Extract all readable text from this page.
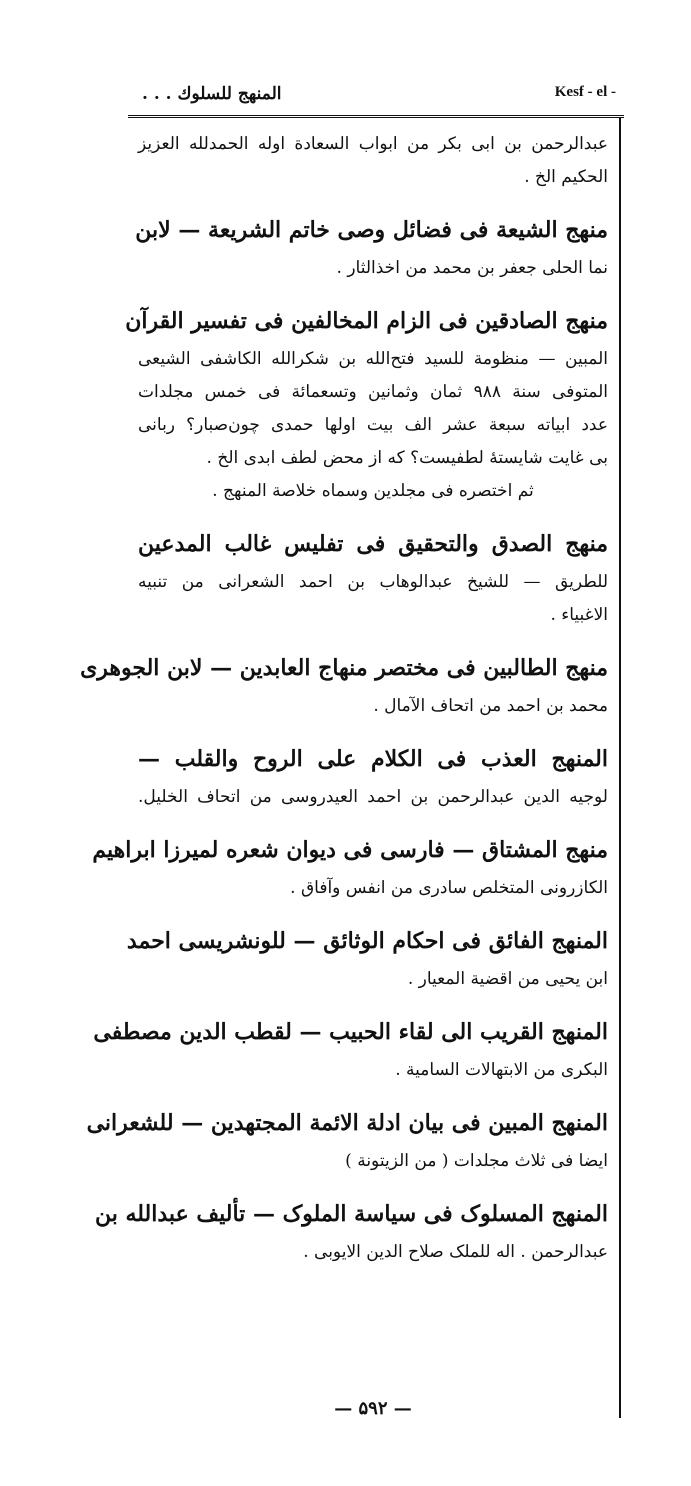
المنهج للسلوك . . .	Kesf - el -
عبدالرحمن بن ابی بکر من ابواب السعادة اوله الحمدلله العزیز
الحکیم الخ .
منهج الشیعة فی فضائل وصی خاتم الشریعة — لابن
نما الحلی جعفر بن محمد من اخذالثار .
منهج الصادقین فی الزام المخالفین فی تفسیر القرآن
المبین — منظومة للسید فتح‌الله بن شکرالله الکاشفی الشیعی
المتوفی سنة ۹۸۸ ثمان وثمانین وتسعمائة فی خمس مجلدات
عدد ابیاته سبعة عشر الف بیت اولها حمدی چون‌صبار؟ ربانی
بی غایت شایستهٔ لطفیست؟ که از محض لطف ابدی الخ .
ثم اختصره فی مجلدین وسماه خلاصة المنهج .
منهج الصدق والتحقیق فی تفلیس غالب المدعین
للطریق — للشیخ عبدالوهاب بن احمد الشعرانی من تنبیه
الاغبیاء .
منهج الطالبین فی مختصر منهاج العابدین — لابن الجوهری
محمد بن احمد من اتحاف الآمال .
المنهج العذب فی الکلام علی الروح والقلب —
لوجیه الدین عبدالرحمن بن احمد العیدروسی من اتحاف الخلیل.
منهج المشتاق — فارسی فی دیوان شعره لمیرزا ابراهیم
الکازرونی المتخلص سادری من انفس وآفاق .
المنهج الفائق فی احکام الوثائق — للونشریسی احمد
ابن یحیی من اقضیة المعیار .
المنهج القریب الی لقاء الحبیب — لقطب الدین مصطفی
البکری من الابتهالات السامیة .
المنهج المبین فی بیان ادلة الائمة المجتهدین — للشعرانی
ایضا فی ثلاث مجلدات ( من الزیتونة )
المنهج المسلوک فی سیاسة الملوک — تألیف عبدالله بن
عبدالرحمن . اله للملک صلاح الدین الایوبی .
— ۵۹۲ —
